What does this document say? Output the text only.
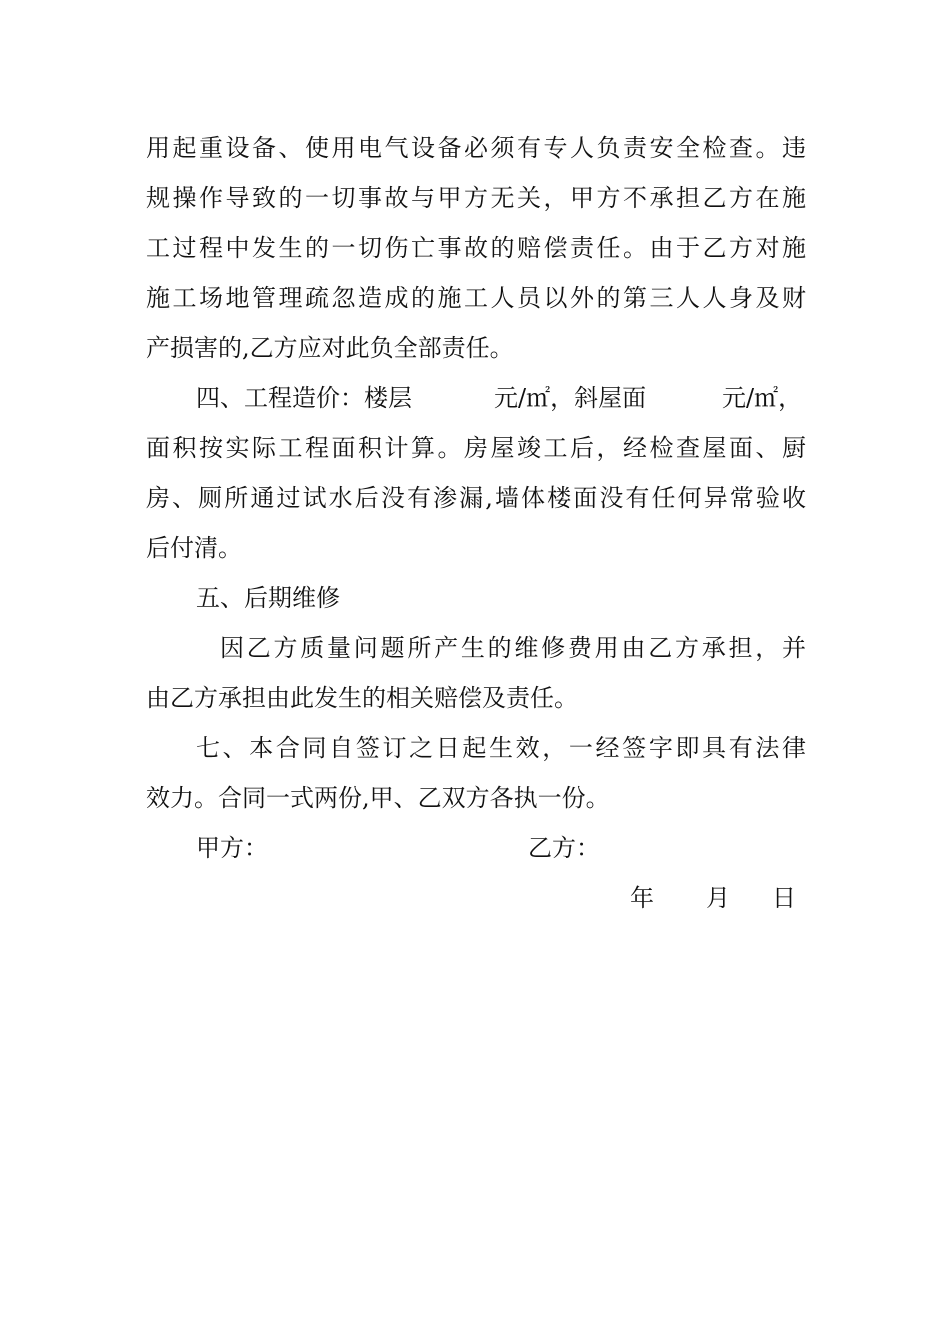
用起重设备、使用电气设备必须有专人负责安全检查。违
规操作导致的一切事故与甲方无关，甲方不承担乙方在施
工过程中发生的一切伤亡事故的赔偿责任。由于乙方对施
施工场地管理疏忽造成的施工人员以外的第三人人身及财
产损害的,乙方应对此负全部责任。
四、工程造价：楼层	元/㎡，斜屋面	元/㎡，
面积按实际工程面积计算。房屋竣工后，经检查屋面、厨
房、厕所通过试水后没有渗漏,墙体楼面没有任何异常验收
后付清。
五、后期维修
因乙方质量问题所产生的维修费用由乙方承担，并
由乙方承担由此发生的相关赔偿及责任。
七、本合同自签订之日起生效，一经签字即具有法律
效力。合同一式两份,甲、乙双方各执一份。
甲方：	乙方：
年 月 日
